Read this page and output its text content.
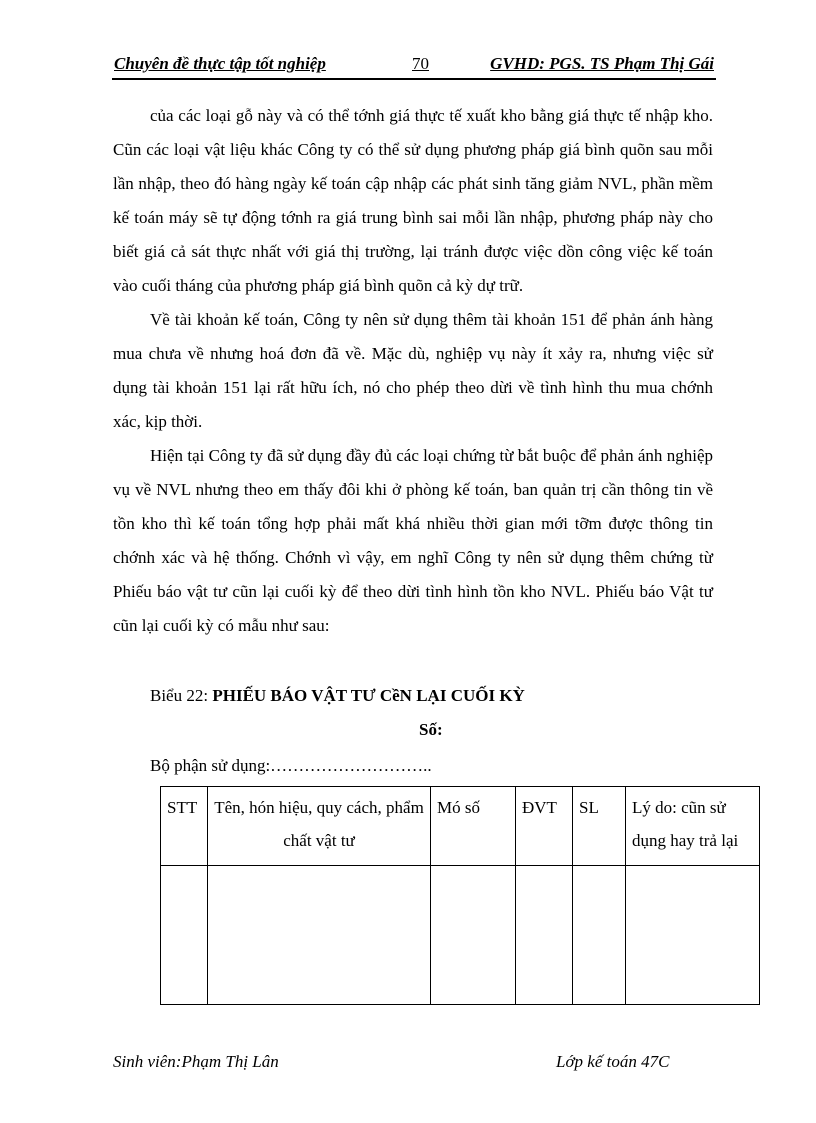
Chuyên đề thực tập tốt nghiệp	70	GVHD: PGS. TS Phạm Thị Gái

của các loại gỗ này và có thể tớnh giá thực tế xuất kho bằng giá thực tế nhập kho. Cũn các loại vật liệu khác Công ty có thể sử dụng phương pháp giá bình quõn sau mỗi lần nhập, theo đó hàng ngày kế toán cập nhập các phát sinh tăng giảm NVL, phần mềm kế toán máy sẽ tự động tớnh ra giá trung bình sai mỗi lần nhập, phương pháp này cho biết giá cả sát thực nhất với giá thị trường, lại tránh được việc dồn công việc kế toán vào cuối tháng của phương pháp giá bình quõn cả kỳ dự trữ.

Về tài khoản kế toán, Công ty nên sử dụng thêm tài khoản 151 để phản ánh hàng mua chưa về nhưng hoá đơn đã về. Mặc dù, nghiệp vụ này ít xảy ra, nhưng việc sử dụng tài khoản 151 lại rất hữu ích, nó cho phép theo dừi về tình hình thu mua chớnh xác, kịp thời.

Hiện tại Công ty đã sử dụng đầy đủ các loại chứng từ bắt buộc để phản ánh nghiệp vụ về NVL nhưng theo em thấy đôi khi ở phòng kế toán, ban quản trị cần thông tin về tồn kho thì kế toán tổng hợp phải mất khá nhiều thời gian mới tỡm được thông tin chớnh xác và hệ thống. Chớnh vì vậy, em nghĩ Công ty nên sử dụng thêm chứng từ Phiếu báo vật tư cũn lại cuối kỳ để theo dừi tình hình tồn kho NVL. Phiếu báo Vật tư cũn lại cuối kỳ có mẫu như sau:

Biểu 22: PHIẾU BÁO VẬT TƯ CềN LẠI CUỐI KỲ
Số:
Bộ phận sử dụng:………………………..
STT	Tên, hón hiệu, quy cách, phẩm chất vật tư	Mó số	ĐVT	SL	Lý do: cũn sử dụng hay trả lại

Sinh viên:Phạm Thị Lân	Lớp kế toán 47C
